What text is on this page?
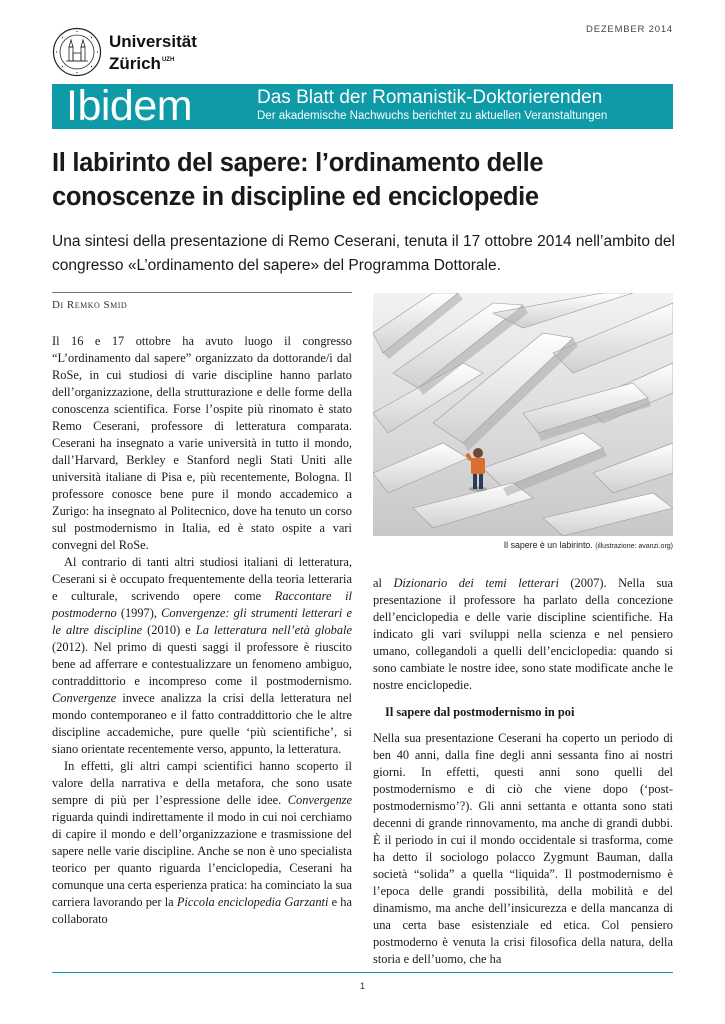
DEZEMBER 2014
Universität
Zürich$^{UZH}$
Ibidem	Das Blatt der Romanistik-Doktorierenden
Der akademische Nachwuchs berichtet zu aktuellen Veranstaltungen
Il labirinto del sapere: l’ordinamento delle conoscenze in discipline ed enciclopedie
Una sintesi della presentazione di Remo Ceserani, tenuta il 17 ottobre 2014 nell’ambito del congresso «L’ordinamento del sapere» del Programma Dottorale.
Di Remko Smid

Il 16 e 17 ottobre ha avuto luogo il congresso “L’ordinamento dal sapere” organizzato da dottorande/i dal RoSe, in cui studiosi di varie discipline hanno parlato dell’organizzazione, della strutturazione e delle forme della conoscenza scientifica. Forse l’ospite più rinomato è stato Remo Ceserani, professore di letteratura comparata. Ceserani ha insegnato a varie università in tutto il mondo, dall’Harvard, Berkley e Stanford negli Stati Uniti alle università italiane di Pisa e, più recentemente, Bologna. Il professore conosce bene pure il mondo accademico a Zurigo: ha insegnato al Politecnico, dove ha tenuto un corso sul postmodernismo in Italia, ed è stato ospite a vari convegni del RoSe.

Al contrario di tanti altri studiosi italiani di letteratura, Ceserani si è occupato frequentemente della teoria letteraria e culturale, scrivendo opere come Raccontare il postmoderno (1997), Convergenze: gli strumenti letterari e le altre discipline (2010) e La letteratura nell’età globale (2012). Nel primo di questi saggi il professore è riuscito bene ad afferrare e contestualizzare un fenomeno ambiguo, contraddittorio e incompreso come il postmodernismo. Convergenze invece analizza la crisi della letteratura nel mondo contemporaneo e il fatto contraddittorio che le altre discipline accademiche, pure quelle ‘più scientifiche’, si siano orientate recentemente verso, appunto, la letteratura.

In effetti, gli altri campi scientifici hanno scoperto il valore della narrativa e della metafora, che sono usate sempre di più per l’espressione delle idee. Convergenze riguarda quindi indirettamente il modo in cui noi cerchiamo di capire il mondo e dell’organizzazione e trasmissione del sapere nelle varie discipline. Anche se non è uno specialista teorico per quanto riguarda l’enciclopedia, Ceserani ha comunque una certa esperienza pratica: ha cominciato la sua carriera lavorando per la Piccola enciclopedia Garzanti e ha collaborato

Il sapere è un labirinto. (illustrazione: avanzi.org)

al Dizionario dei temi letterari (2007). Nella sua presentazione il professore ha parlato della concezione dell’enciclopedia e delle varie discipline scientifiche. Ha indicato gli vari sviluppi nella scienza e nel pensiero umano, collegandoli a quelli dell’enciclopedia: quando si sono cambiate le nostre idee, sono state modificate anche le nostre enciclopedie.

Il sapere dal postmodernismo in poi

Nella sua presentazione Ceserani ha coperto un periodo di ben 40 anni, dalla fine degli anni sessanta fino ai nostri giorni. In effetti, questi anni sono quelli del postmodernismo e di ciò che viene dopo (‘post-postmodernismo’?). Gli anni settanta e ottanta sono stati decenni di grande rinnovamento, ma anche di grandi dubbi. È il periodo in cui il mondo occidentale si trasforma, come ha detto il sociologo polacco Zygmunt Bauman, dalla società “solida” a quella “liquida”. Il postmodernismo è l’epoca delle grandi possibilità, della mobilità e del dinamismo, ma anche dell’insicurezza e della mancanza di una certa base esistenziale ed etica. Col pensiero postmoderno è venuta la crisi filosofica della natura, della storia e dell’uomo, che ha

1
